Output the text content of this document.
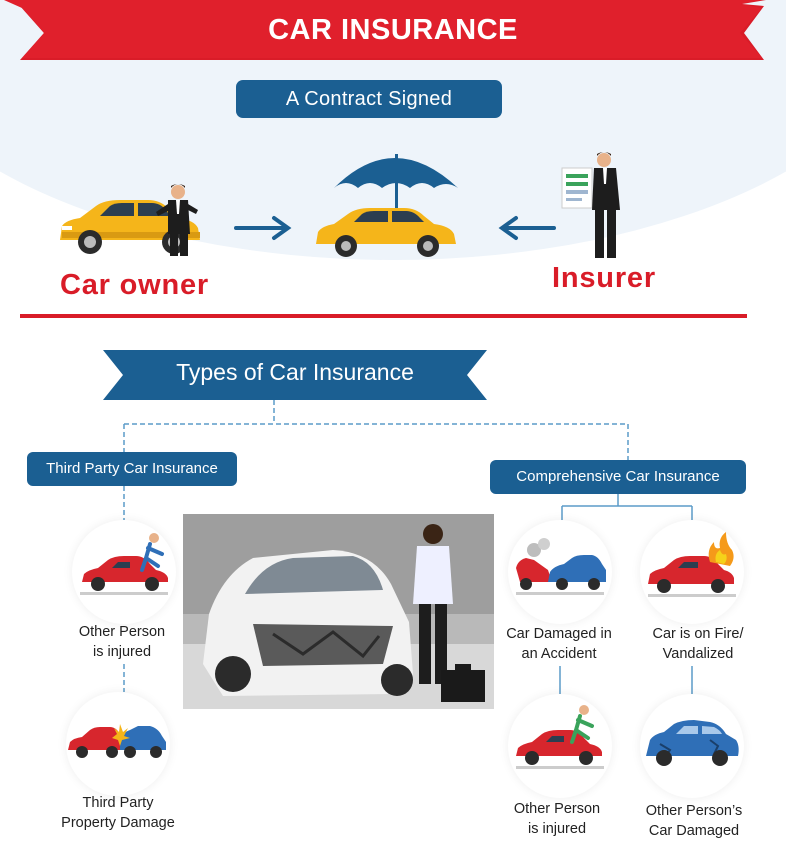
CAR INSURANCE
A Contract Signed
Car owner	Insurer
Types of Car Insurance
Third Party Car Insurance	Comprehensive Car Insurance
Other Person
is injured
Third Party
Property Damage
Car Damaged in
an Accident
Car is on Fire/
Vandalized
Other Person
is injured
Other Person’s
Car Damaged
